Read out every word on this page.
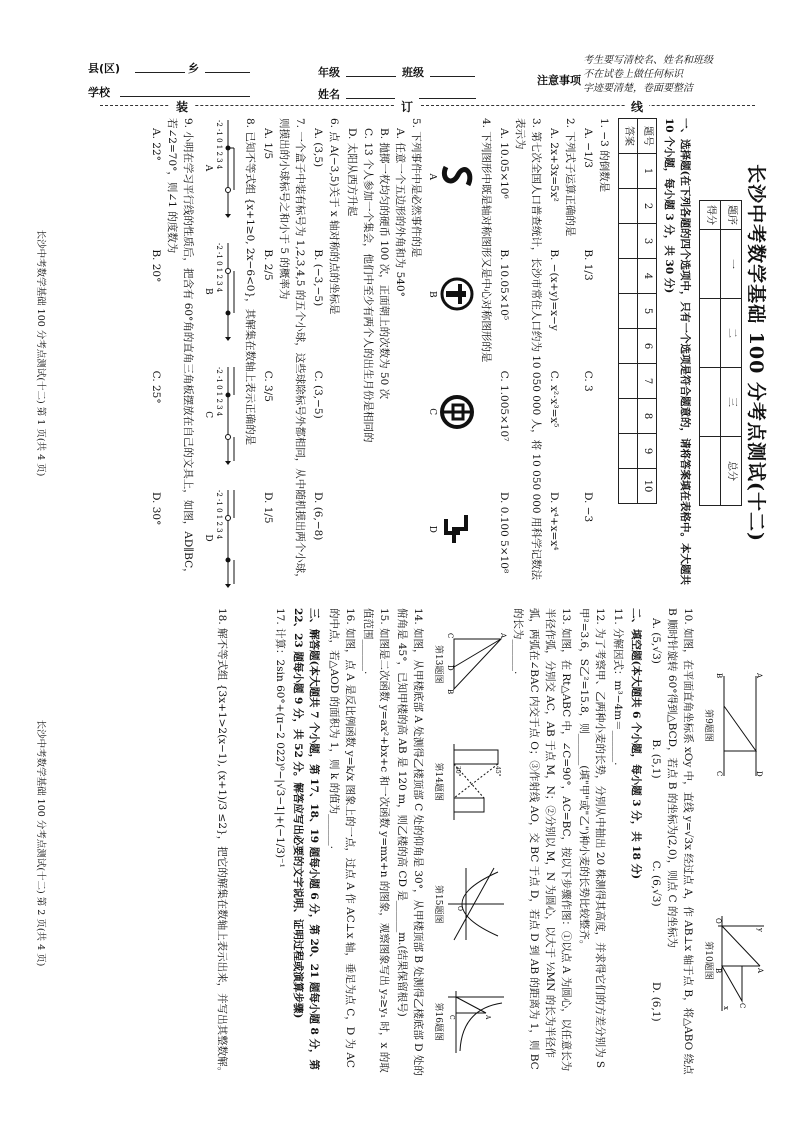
县(区)	乡
学校
年级	班级
姓名
注意事项
考生要写清校名、姓名和班级
不在试卷上做任何标识
字迹要清楚，卷面要整洁
装	订	线
长沙中考数学基础 100 分考点测试(十二)
题序	一	二	三	总分
得分				
一、选择题(在下列各题的四个选项中，只有一个选项是符合题意的，请将答案填在表格中。本大题共 10 个小题，每小题 3 分，共 30 分)
题号	1	2	3	4	5	6	7	8	9	10
答案										
1. −3 的倒数是
A. −1/3
B. 1/3
C. 3
D. −3
2. 下列式子运算正确的是
A. 2x+3x=5x²
B. −(x+y)=x−y
C. x²·x³=x⁵
D. x⁴+x=x⁴
3. 第七次全国人口普查统计，长沙市常住人口约为 10 050 000 人，将 10 050 000 用科学记数法表示为
A. 10.05×10⁶
B. 10.05×10⁵
C. 1.005×10⁷
D. 0.100 5×10⁸
4. 下列图形中既是轴对称图形又是中心对称图形的是
A
B
C
D
5. 下列事件中是必然事件的是
A. 任意一个五边形的外角和为 540°
B. 抛掷一枚均匀的硬币 100 次，正面朝上的次数为 50 次
C. 13 个人参加一个集会，他们中至少有两个人的出生月份是相同的
D. 太阳从西方升起
6. 点 A(−3,5)关于 x 轴对称的点的坐标是
A. (3,5)
B. (−3,−5)
C. (3,−5)
D. (6,−8)
7. 一个盒子中装有标号为 1,2,3,4,5 的五个小球，这些球除标号外都相同，从中随机摸出两个小球，则摸出的小球标号之和小于 5 的概率为
A. 1/5
B. 2/5
C. 3/5
D. 1/5
8. 已知不等式组 {x+1≥0, 2x−6<0}，其解集在数轴上表示正确的是
-2 -1 0 1 2 3 4
A
-2 -1 0 1 2 3 4
B
-2 -1 0 1 2 3 4
C
-2 -1 0 1 2 3 4
D
9. 小明在学习平行线的性质后，把含有 60°角的直角三角板摆放在自己的文具上，如图，AD∥BC，若∠2=70°，则∠1 的度数为
A. 22°
B. 20°
C. 25°
D. 30°
长沙中考数学基础 100 分考点测试(十二) 第 1 页(共 4 页)
A
D
B
C
第9题图
O
B	A
C
x
y
第10题图
10. 如图，在平面直角坐标系 xOy 中，直线 y=√3x 经过点 A，作 AB⊥x 轴于点 B，将△ABO 绕点 B 顺时针旋转 60°得到△BCD，若点 B 的坐标为(2,0)，则点 C 的坐标为
A. (5,√3)
B. (5,1)
C. (6,√3)
D. (6,1)
二、填空题(本大题共 6 个小题，每小题 3 分，共 18 分)
11. 分解因式：m³−4m＝______.
12. 为了考察甲、乙两种小麦的长势，分别从中抽出 20 株测得其高度，并求得它们的方差分别为 S甲²=3.6，S乙²=15.8，则______(填"甲"或"乙")种小麦的长势比较整齐。
13. 如图，在 Rt△ABC 中，∠C=90°，AC=BC，按以下步骤作图：①以点 A 为圆心，以任意长为半径作弧，分别交 AC，AB 于点 M，N；②分别以 M，N 为圆心，以大于 ½MN 的长为半径作弧，两弧在∠BAC 内交于点 O；③作射线 AO，交 BC 于点 D，若点 D 到 AB 的距离为 1，则 BC 的长为______.
A
C
B
D
第13题图
45°
30°
第14题图
O
第15题图
A
C
第16题图
14. 如图，从甲楼底部 A 处测得乙楼顶部 C 处的仰角是 30°，从甲楼顶部 B 处测得乙楼底部 D 处的俯角是 45°，已知甲楼的高 AB 是 120 m，则乙楼的高 CD 是______m.(结果保留根号)
15. 如图是二次函数 y=ax²+bx+c 和一次函数 y=mx+n 的图象，观察图象写出 y₂≥y₁ 时，x 的取值范围______.
16. 如图，点 A 是反比例函数 y=k/x 图象上的一点，过点 A 作 AC⊥x 轴，垂足为点 C，D 为 AC 的中点，若△AOD 的面积为 1，则 k 的值为______.
三、解答题(本大题共 7 个小题，第 17、18、19 题每小题 6 分，第 20、21 题每小题 8 分，第 22、23 题每小题 9 分，共 52 分。解答应写出必要的文字说明、证明过程或演算步骤)
17. 计算：2sin 60°+(π−2 022)⁰−|√3−1|+(−1/3)⁻¹
18. 解不等式组 {3x+1>2(x−1), (x+1)/3 ≤2}，把它的解集在数轴上表示出来，并写出其整数解。
长沙中考数学基础 100 分考点测试(十二) 第 2 页(共 4 页)
